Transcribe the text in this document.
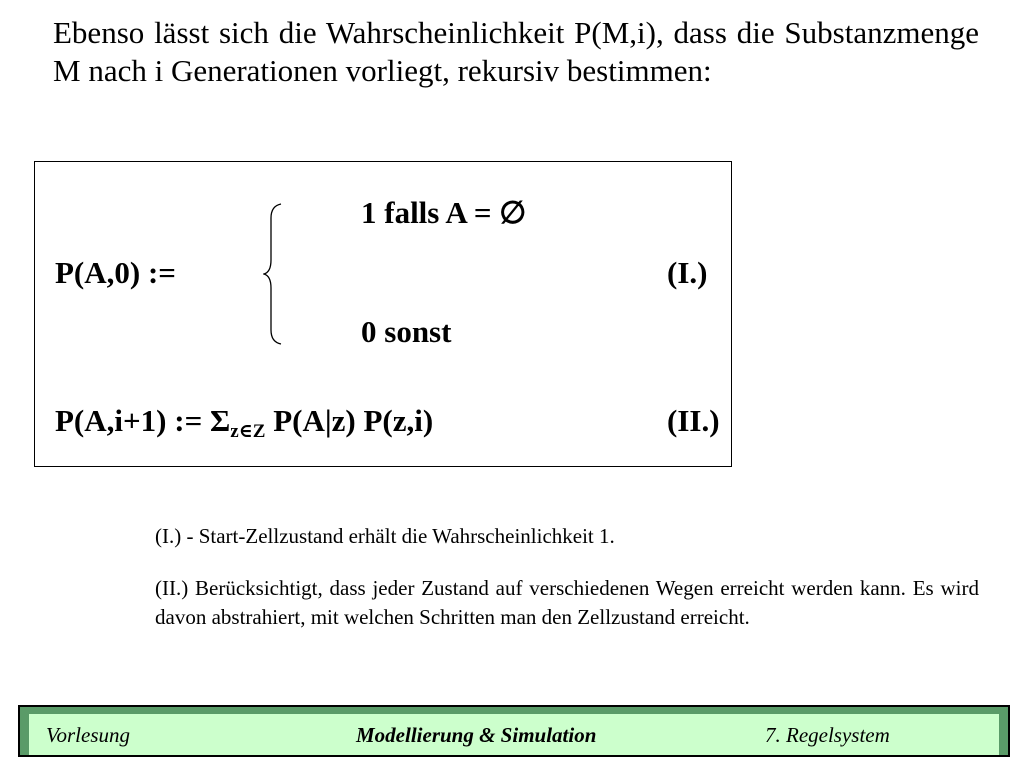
Ebenso lässt sich die Wahrscheinlichkeit P(M,i), dass die Substanzmenge M nach i Generationen vorliegt, rekursiv bestimmen:
1 falls A = ∅
P(A,0) :=	(I.)
0 sonst
P(A,i+1) := $\Sigma_{z\in Z}$ P(A|z) P(z,i)	(II.)
(I.) - Start-Zellzustand erhält die Wahrscheinlichkeit 1.
(II.) Berücksichtigt, dass jeder Zustand auf verschiedenen Wegen erreicht werden kann. Es wird davon abstrahiert, mit welchen Schritten man den Zellzustand erreicht.
Vorlesung	Modellierung & Simulation	7. Regelsystem
